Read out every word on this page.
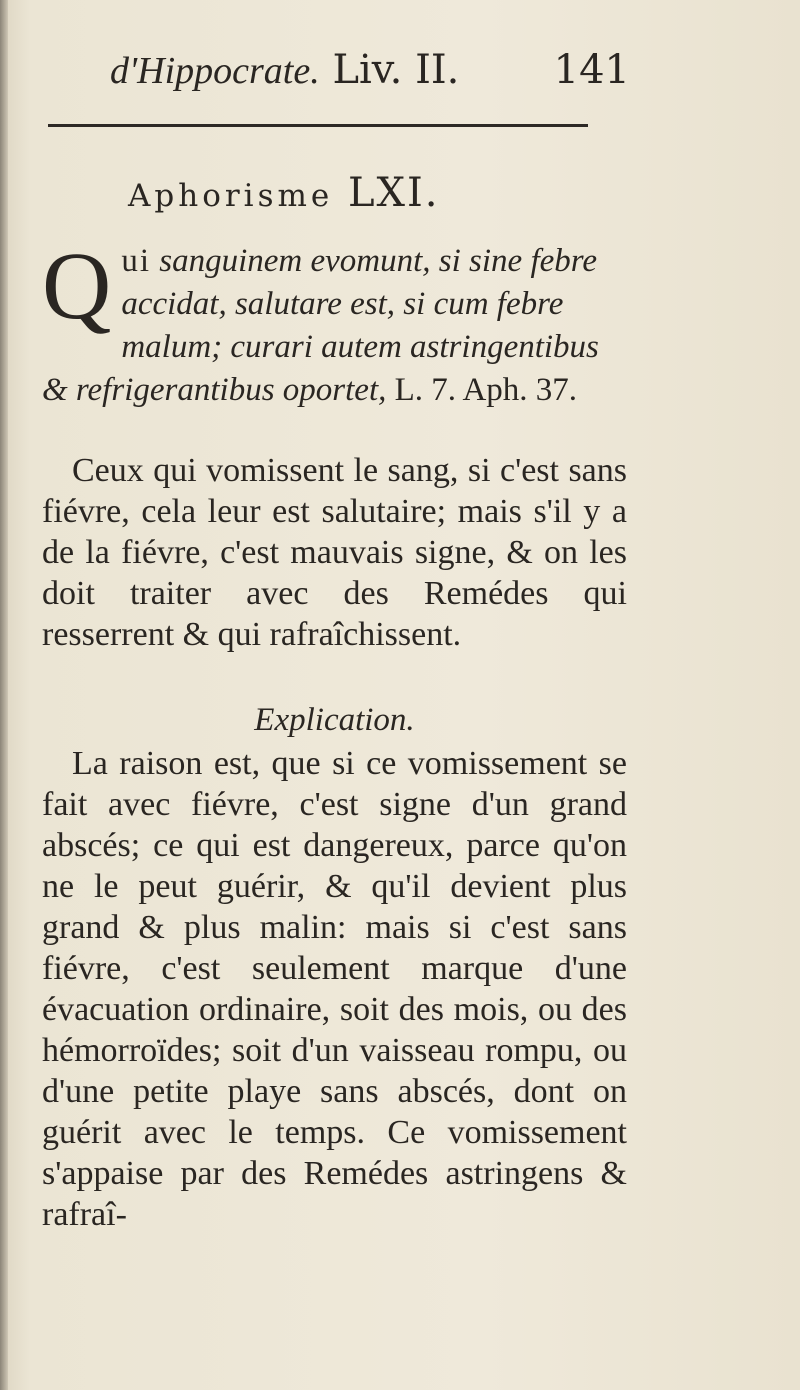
d'Hippocrate. Liv. II. 141
Aphorisme LXI.
Q ui sanguinem evomunt, si sine febre accidat, salutare est, si cum febre malum; curari autem astringentibus & refrigerantibus oportet, L. 7. Aph. 37.

Ceux qui vomissent le sang, si c'est sans fiévre, cela leur est salutaire; mais s'il y a de la fiévre, c'est mauvais signe, & on les doit traiter avec des Remédes qui resserrent & qui rafraîchissent.

Explication.

La raison est, que si ce vomissement se fait avec fiévre, c'est signe d'un grand abscés; ce qui est dangereux, parce qu'on ne le peut guérir, & qu'il devient plus grand & plus malin: mais si c'est sans fiévre, c'est seulement marque d'une évacuation ordinaire, soit des mois, ou des hémorroïdes; soit d'un vaisseau rompu, ou d'une petite playe sans abscés, dont on guérit avec le temps. Ce vomissement s'appaise par des Remédes astringens & rafraî-
